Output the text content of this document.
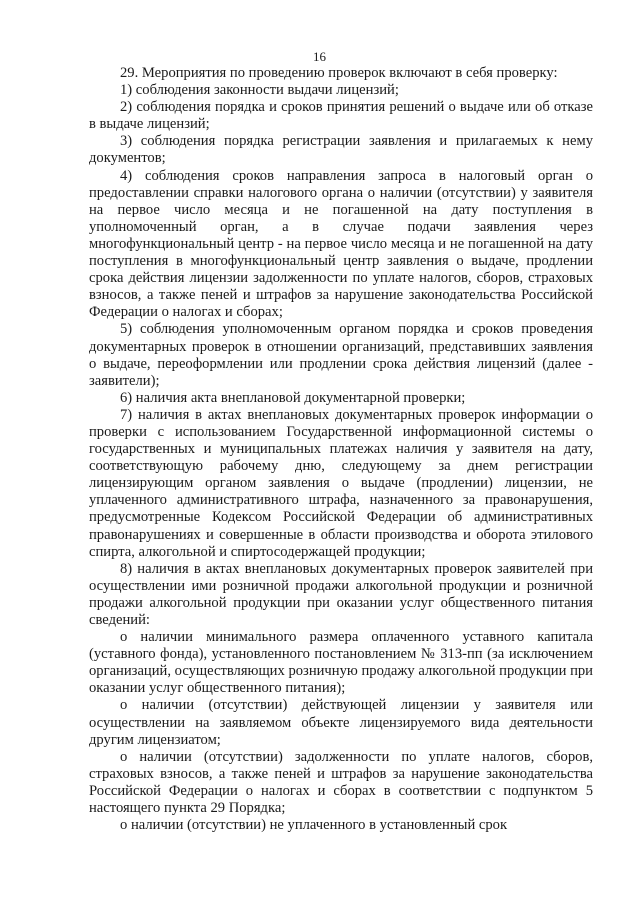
16

29. Мероприятия по проведению проверок включают в себя проверку:

1) соблюдения законности выдачи лицензий;

2) соблюдения порядка и сроков принятия решений о выдаче или об отказе в выдаче лицензий;

3) соблюдения порядка регистрации заявления и прилагаемых к нему документов;

4) соблюдения сроков направления запроса в налоговый орган о предоставлении справки налогового органа о наличии (отсутствии) у заявителя на первое число месяца и не погашенной на дату поступления в уполномоченный орган, а в случае подачи заявления через многофункциональный центр - на первое число месяца и не погашенной на дату поступления в многофункциональный центр заявления о выдаче, продлении срока действия лицензии задолженности по уплате налогов, сборов, страховых взносов, а также пеней и штрафов за нарушение законодательства Российской Федерации о налогах и сборах;

5) соблюдения уполномоченным органом порядка и сроков проведения документарных проверок в отношении организаций, представивших заявления о выдаче, переоформлении или продлении срока действия лицензий (далее - заявители);

6) наличия акта внеплановой документарной проверки;

7) наличия в актах внеплановых документарных проверок информации о проверки с использованием Государственной информационной системы о государственных и муниципальных платежах наличия у заявителя на дату, соответствующую рабочему дню, следующему за днем регистрации лицензирующим органом заявления о выдаче (продлении) лицензии, не уплаченного административного штрафа, назначенного за правонарушения, предусмотренные Кодексом Российской Федерации об административных правонарушениях и совершенные в области производства и оборота этилового спирта, алкогольной и спиртосодержащей продукции;

8) наличия в актах внеплановых документарных проверок заявителей при осуществлении ими розничной продажи алкогольной продукции и розничной продажи алкогольной продукции при оказании услуг общественного питания сведений:

о наличии минимального размера оплаченного уставного капитала (уставного фонда), установленного постановлением № 313-пп (за исключением организаций, осуществляющих розничную продажу алкогольной продукции при оказании услуг общественного питания);

о наличии (отсутствии) действующей лицензии у заявителя или осуществлении на заявляемом объекте лицензируемого вида деятельности другим лицензиатом;

о наличии (отсутствии) задолженности по уплате налогов, сборов, страховых взносов, а также пеней и штрафов за нарушение законодательства Российской Федерации о налогах и сборах в соответствии с подпунктом 5 настоящего пункта 29 Порядка;

о наличии (отсутствии) не уплаченного в установленный срок
